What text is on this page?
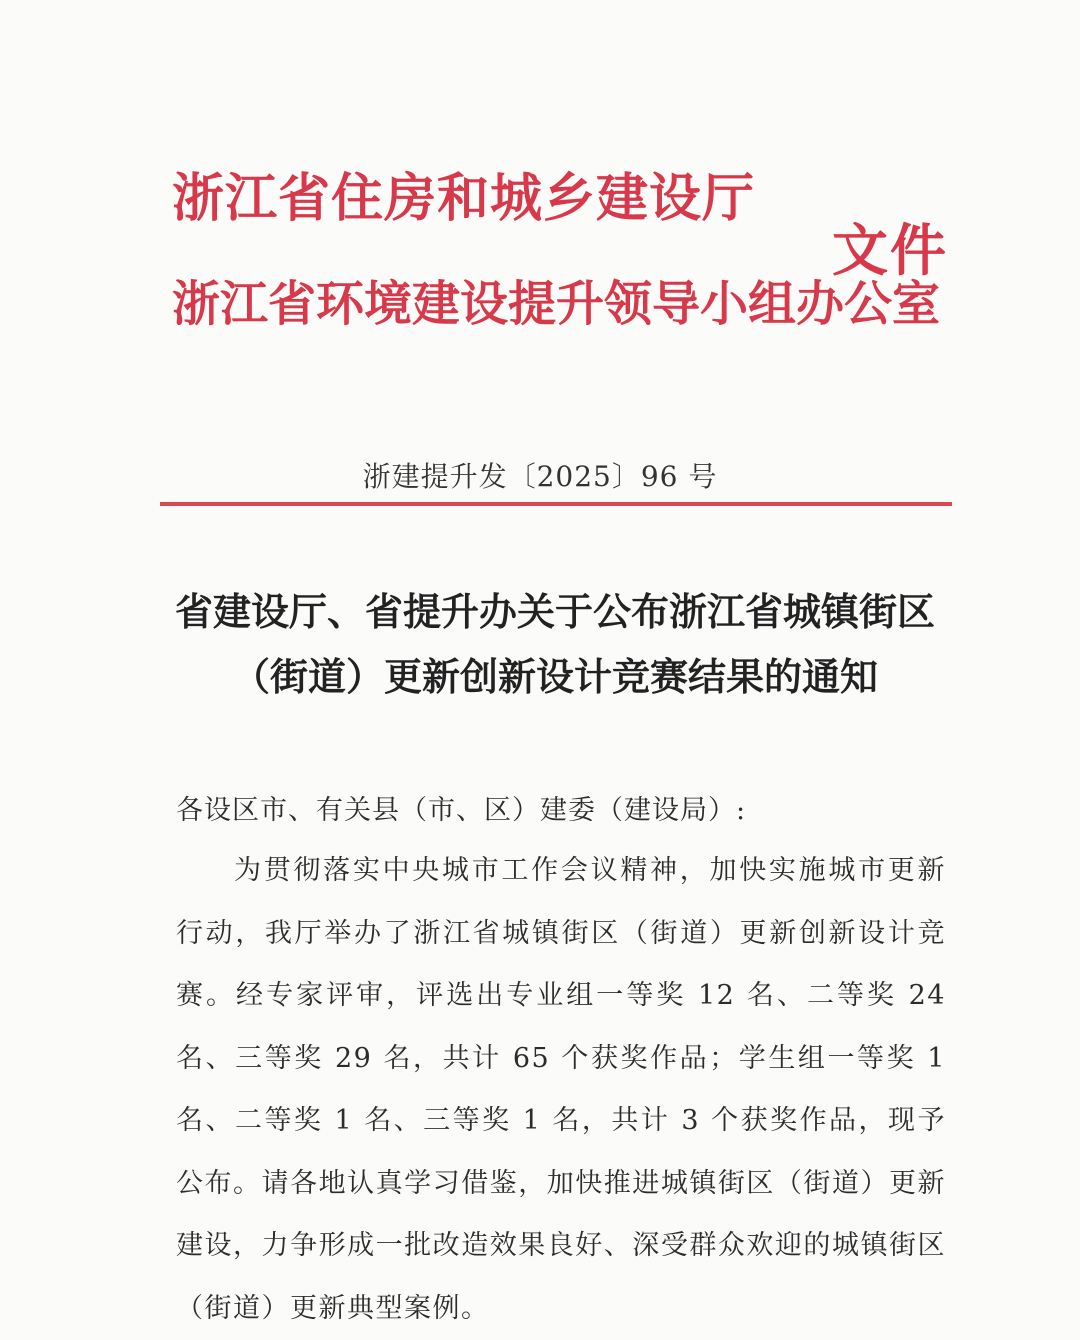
浙江省住房和城乡建设厅
浙江省环境建设提升领导小组办公室
文件
浙建提升发〔2025〕96 号
省建设厅、省提升办关于公布浙江省城镇街区
（街道）更新创新设计竞赛结果的通知
各设区市、有关县（市、区）建委（建设局）:

为贯彻落实中央城市工作会议精神，加快实施城市更新行动，我厅举办了浙江省城镇街区（街道）更新创新设计竞赛。经专家评审，评选出专业组一等奖 12 名、二等奖 24 名、三等奖 29 名，共计 65 个获奖作品；学生组一等奖 1 名、二等奖 1 名、三等奖 1 名，共计 3 个获奖作品，现予公布。请各地认真学习借鉴，加快推进城镇街区（街道）更新建设，力争形成一批改造效果良好、深受群众欢迎的城镇街区（街道）更新典型案例。
